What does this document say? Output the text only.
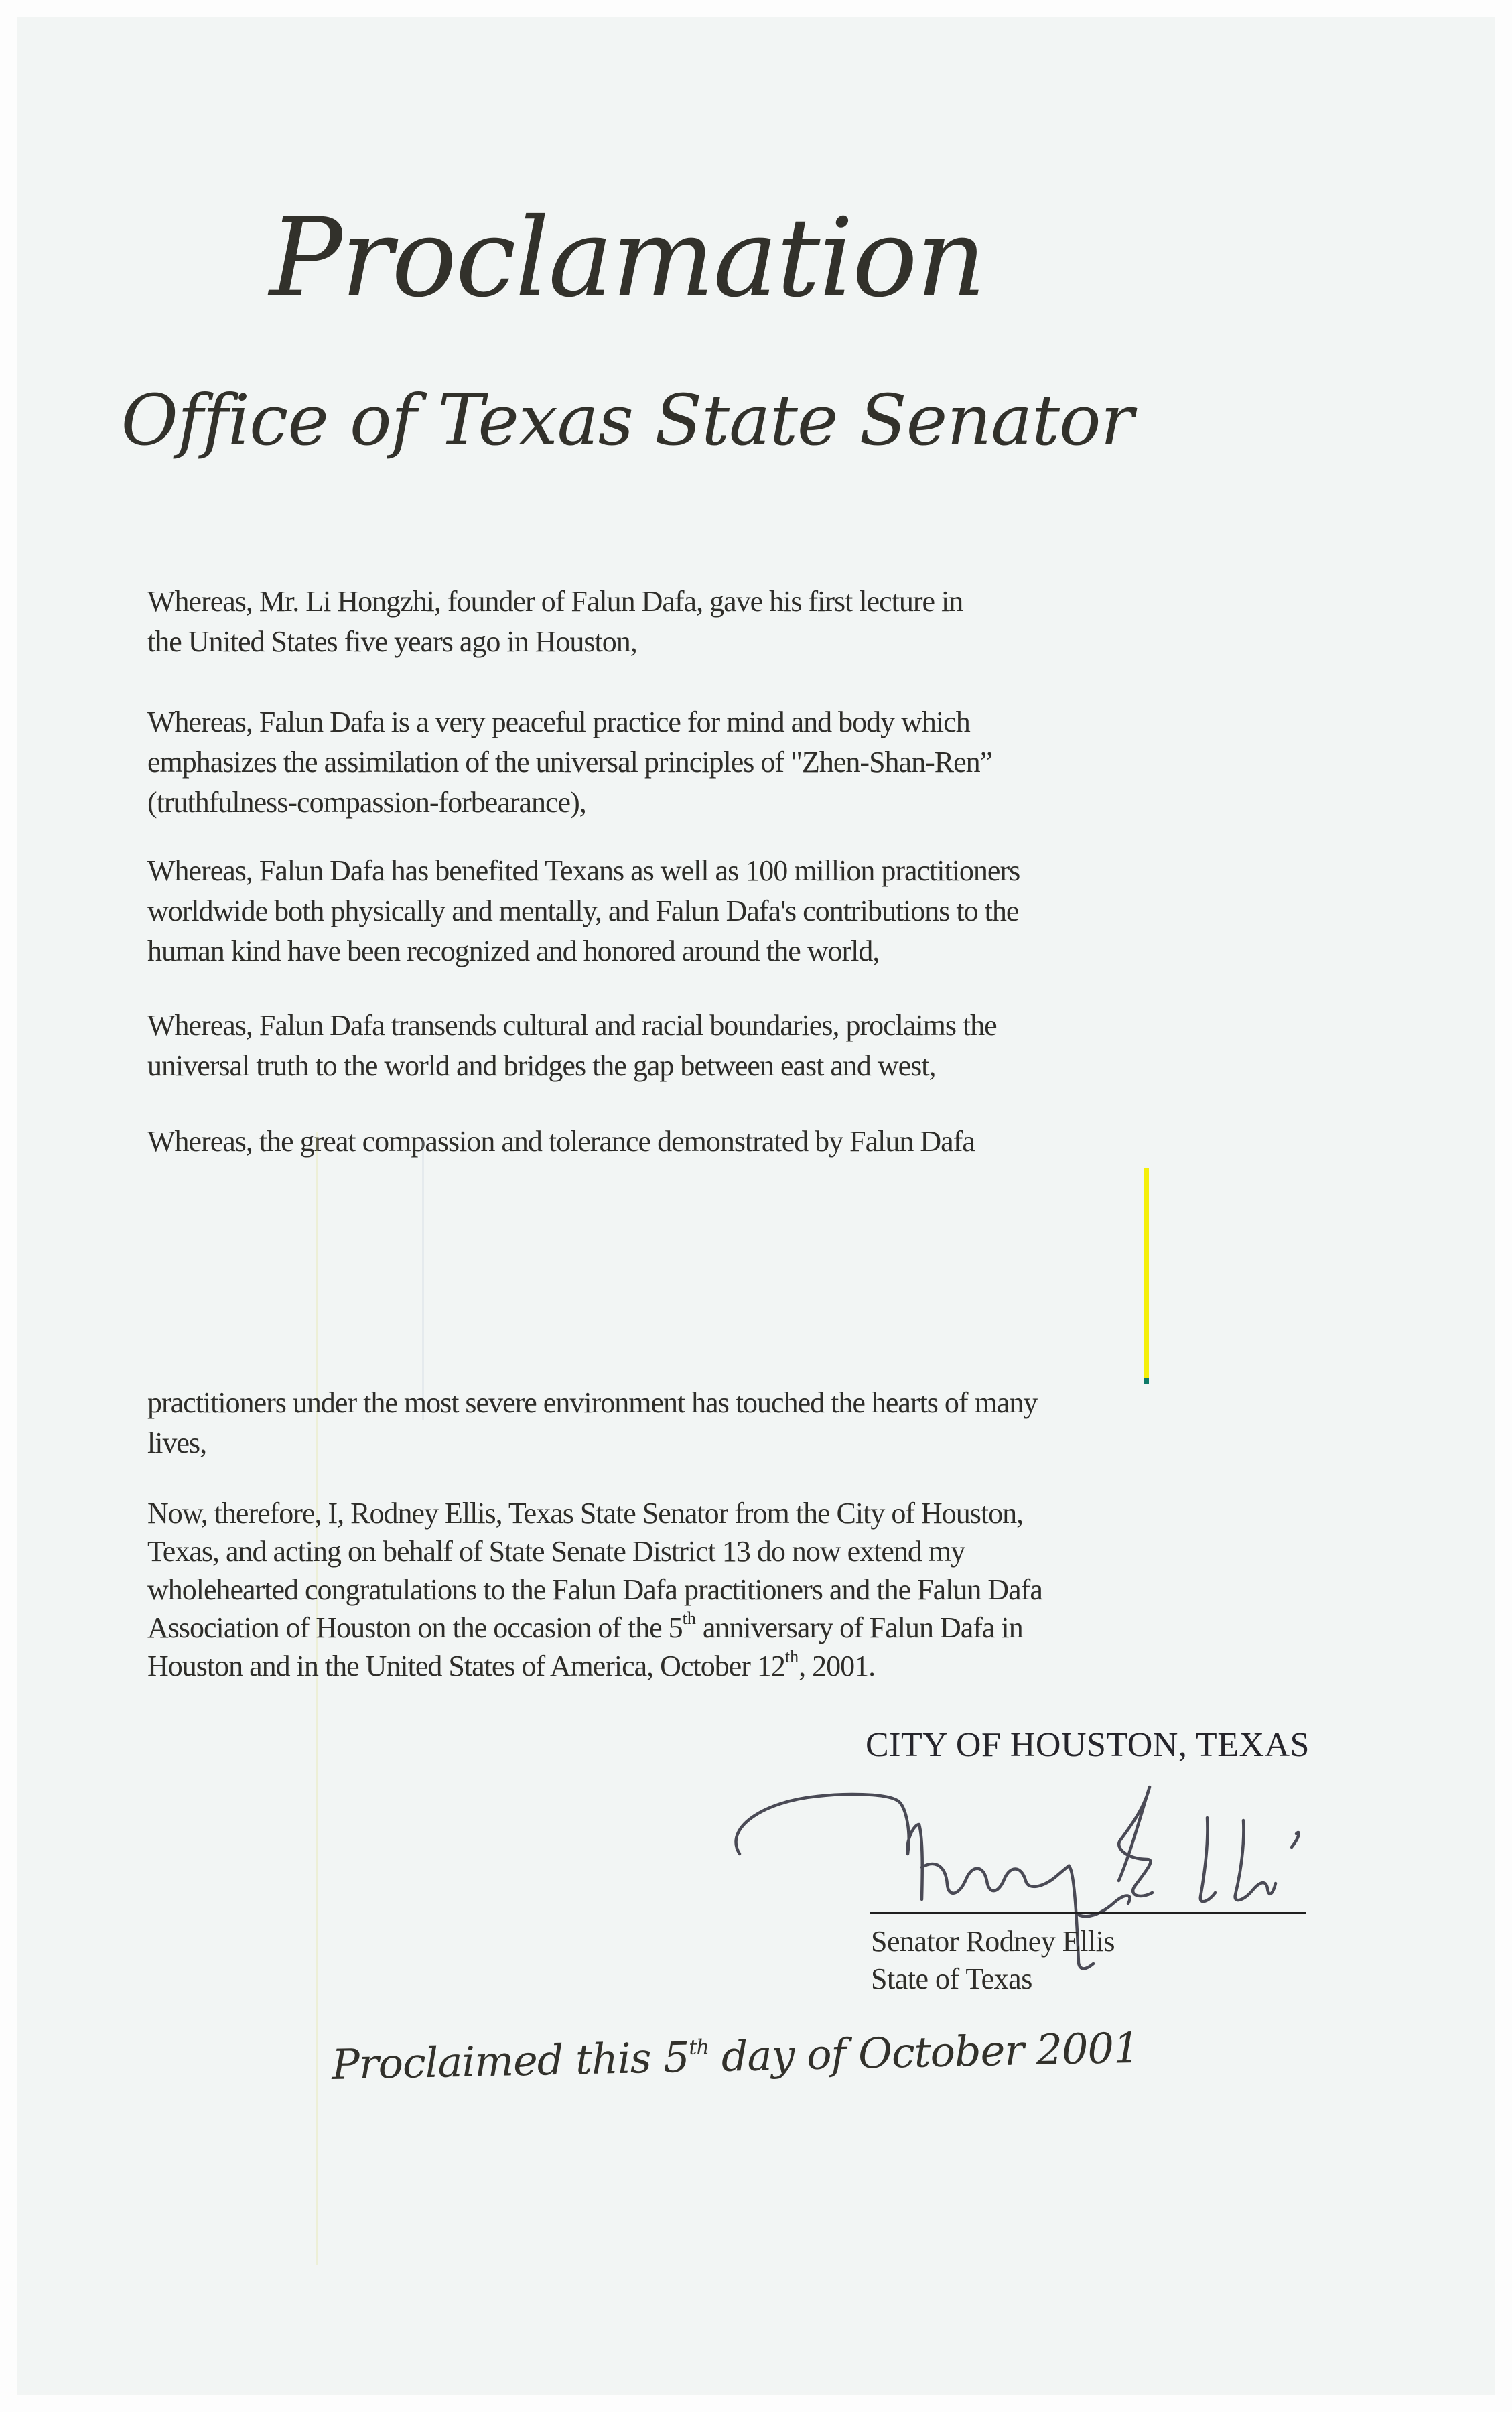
Proclamation
Office of Texas State Senator
Whereas, Mr. Li Hongzhi, founder of Falun Dafa, gave his first lecture in
the United States five years ago in Houston,
Whereas, Falun Dafa is a very peaceful practice for mind and body which
emphasizes the assimilation of the universal principles of "Zhen-Shan-Ren”
(truthfulness-compassion-forbearance),
Whereas, Falun Dafa has benefited Texans as well as 100 million practitioners
worldwide both physically and mentally, and Falun Dafa's contributions to the
human kind have been recognized and honored around the world,
Whereas, Falun Dafa transends cultural and racial boundaries, proclaims the
universal truth to the world and bridges the gap between east and west,
Whereas, the great compassion and tolerance demonstrated by Falun Dafa
practitioners under the most severe environment has touched the hearts of many
lives,
Now, therefore, I, Rodney Ellis, Texas State Senator from the City of Houston,
Texas, and acting on behalf of State Senate District 13 do now extend my
wholehearted congratulations to the Falun Dafa practitioners and the Falun Dafa
Association of Houston on the occasion of the 5th anniversary of Falun Dafa in
Houston and in the United States of America, October 12th, 2001.
CITY OF HOUSTON, TEXAS
Senator Rodney Ellis
State of Texas
Proclaimed this 5th day of October 2001
